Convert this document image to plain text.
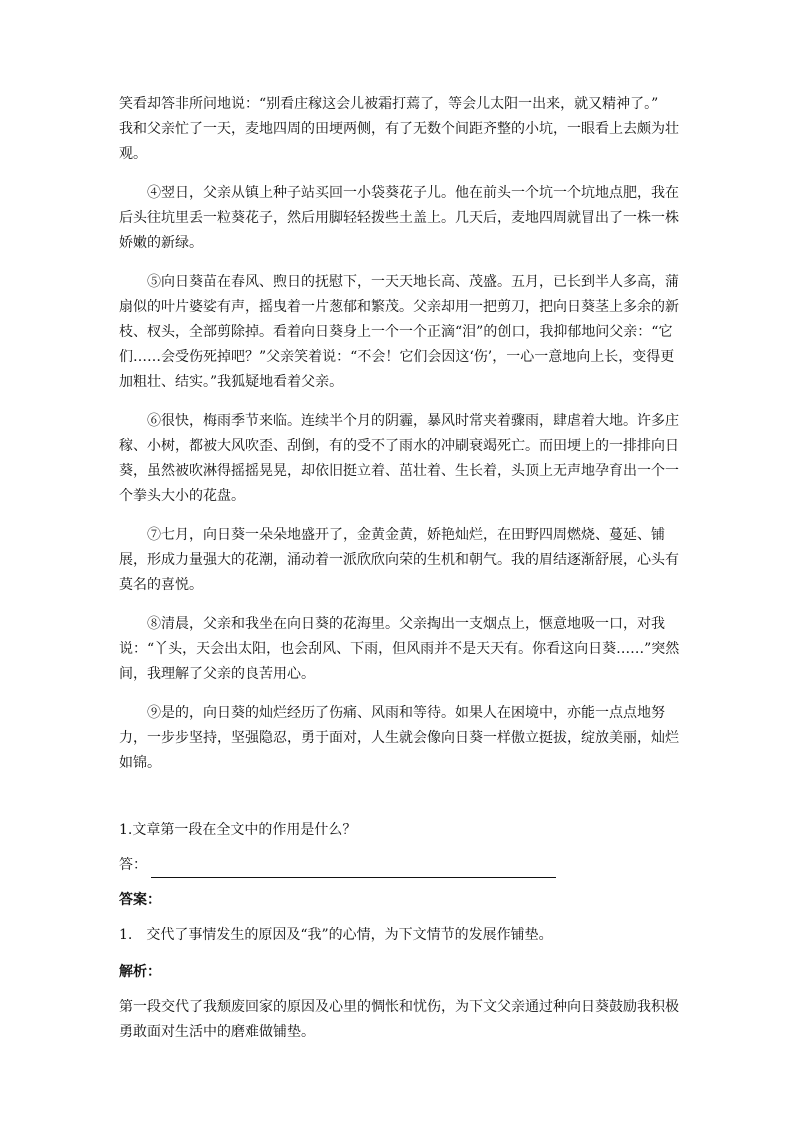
笑看却答非所问地说：“别看庄稼这会儿被霜打蔫了，等会儿太阳一出来，就又精神了。”

我和父亲忙了一天，麦地四周的田埂两侧，有了无数个间距齐整的小坑，一眼看上去颇为壮观。

④翌日，父亲从镇上种子站买回一小袋葵花子儿。他在前头一个坑一个坑地点肥，我在后头往坑里丢一粒葵花子，然后用脚轻轻拨些土盖上。几天后，麦地四周就冒出了一株一株娇嫩的新绿。

⑤向日葵苗在春风、煦日的抚慰下，一天天地长高、茂盛。五月，已长到半人多高，蒲扇似的叶片婆娑有声，摇曳着一片葱郁和繁茂。父亲却用一把剪刀，把向日葵茎上多余的新枝、杈头，全部剪除掉。看着向日葵身上一个一个正滴“泪”的创口，我抑郁地问父亲：“它们……会受伤死掉吧？”父亲笑着说：“不会！它们会因这‘伤’，一心一意地向上长，变得更加粗壮、结实。”我狐疑地看着父亲。

⑥很快，梅雨季节来临。连续半个月的阴霾，暴风时常夹着骤雨，肆虐着大地。许多庄稼、小树，都被大风吹歪、刮倒，有的受不了雨水的冲刷衰竭死亡。而田埂上的一排排向日葵，虽然被吹淋得摇摇晃晃，却依旧挺立着、茁壮着、生长着，头顶上无声地孕育出一个一个拳头大小的花盘。

⑦七月，向日葵一朵朵地盛开了，金黄金黄，娇艳灿烂，在田野四周燃烧、蔓延、铺展，形成力量强大的花潮，涌动着一派欣欣向荣的生机和朝气。我的眉结逐渐舒展，心头有莫名的喜悦。

⑧清晨，父亲和我坐在向日葵的花海里。父亲掏出一支烟点上，惬意地吸一口，对我说：“丫头，天会出太阳，也会刮风、下雨，但风雨并不是天天有。你看这向日葵……”突然间，我理解了父亲的良苦用心。

⑨是的，向日葵的灿烂经历了伤痛、风雨和等待。如果人在困境中，亦能一点点地努力，一步步坚持，坚强隐忍，勇于面对，人生就会像向日葵一样傲立挺拔，绽放美丽，灿烂如锦。

1.文章第一段在全文中的作用是什么？

答：

答案：

1.　交代了事情发生的原因及“我”的心情，为下文情节的发展作铺垫。

解析：

第一段交代了我颓废回家的原因及心里的惆怅和忧伤，为下文父亲通过种向日葵鼓励我积极勇敢面对生活中的磨难做铺垫。
